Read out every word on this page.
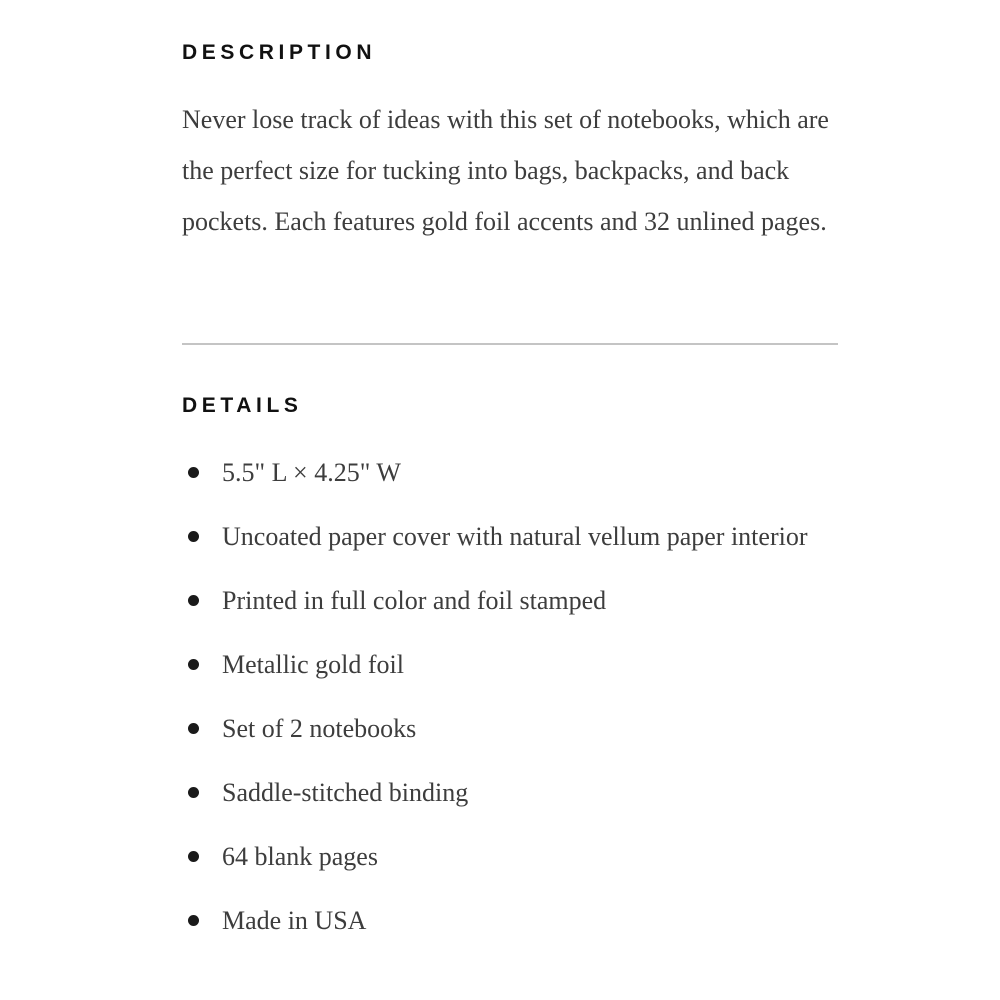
DESCRIPTION

Never lose track of ideas with this set of notebooks, which are the perfect size for tucking into bags, backpacks, and back pockets. Each features gold foil accents and 32 unlined pages.

DETAILS
5.5" L × 4.25" W
Uncoated paper cover with natural vellum paper interior
Printed in full color and foil stamped
Metallic gold foil
Set of 2 notebooks
Saddle-stitched binding
64 blank pages
Made in USA
